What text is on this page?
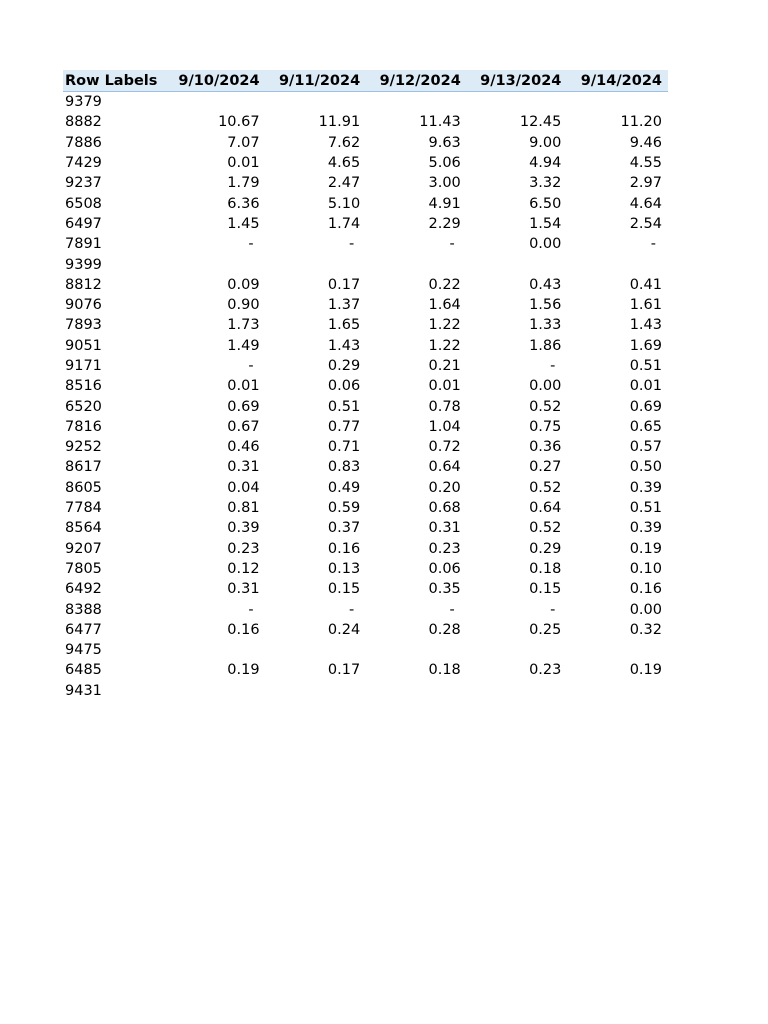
Row Labels	9/10/2024	9/11/2024	9/12/2024	9/13/2024	9/14/2024
9379					
8882	10.67	11.91	11.43	12.45	11.20
7886	7.07	7.62	9.63	9.00	9.46
7429	0.01	4.65	5.06	4.94	4.55
9237	1.79	2.47	3.00	3.32	2.97
6508	6.36	5.10	4.91	6.50	4.64
6497	1.45	1.74	2.29	1.54	2.54
7891	-	-	-	0.00	-
9399					
8812	0.09	0.17	0.22	0.43	0.41
9076	0.90	1.37	1.64	1.56	1.61
7893	1.73	1.65	1.22	1.33	1.43
9051	1.49	1.43	1.22	1.86	1.69
9171	-	0.29	0.21	-	0.51
8516	0.01	0.06	0.01	0.00	0.01
6520	0.69	0.51	0.78	0.52	0.69
7816	0.67	0.77	1.04	0.75	0.65
9252	0.46	0.71	0.72	0.36	0.57
8617	0.31	0.83	0.64	0.27	0.50
8605	0.04	0.49	0.20	0.52	0.39
7784	0.81	0.59	0.68	0.64	0.51
8564	0.39	0.37	0.31	0.52	0.39
9207	0.23	0.16	0.23	0.29	0.19
7805	0.12	0.13	0.06	0.18	0.10
6492	0.31	0.15	0.35	0.15	0.16
8388	-	-	-	-	0.00
6477	0.16	0.24	0.28	0.25	0.32
9475					
6485	0.19	0.17	0.18	0.23	0.19
9431					
